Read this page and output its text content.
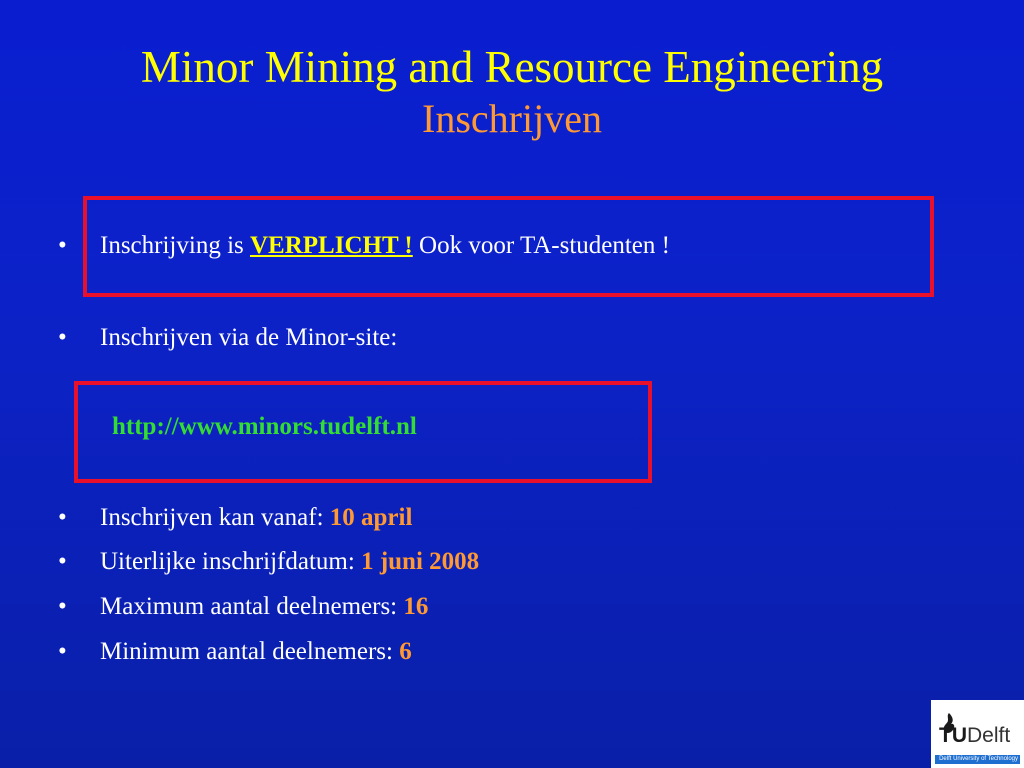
Minor Mining and Resource Engineering
Inschrijven
• Inschrijving is VERPLICHT ! Ook voor TA-studenten !
• Inschrijven via de Minor-site:
http://www.minors.tudelft.nl
• Inschrijven kan vanaf: 10 april
• Uiterlijke inschrijfdatum: 1 juni 2008
• Maximum aantal deelnemers: 16
• Minimum aantal deelnemers: 6
TUDelft
Delft University of Technology
